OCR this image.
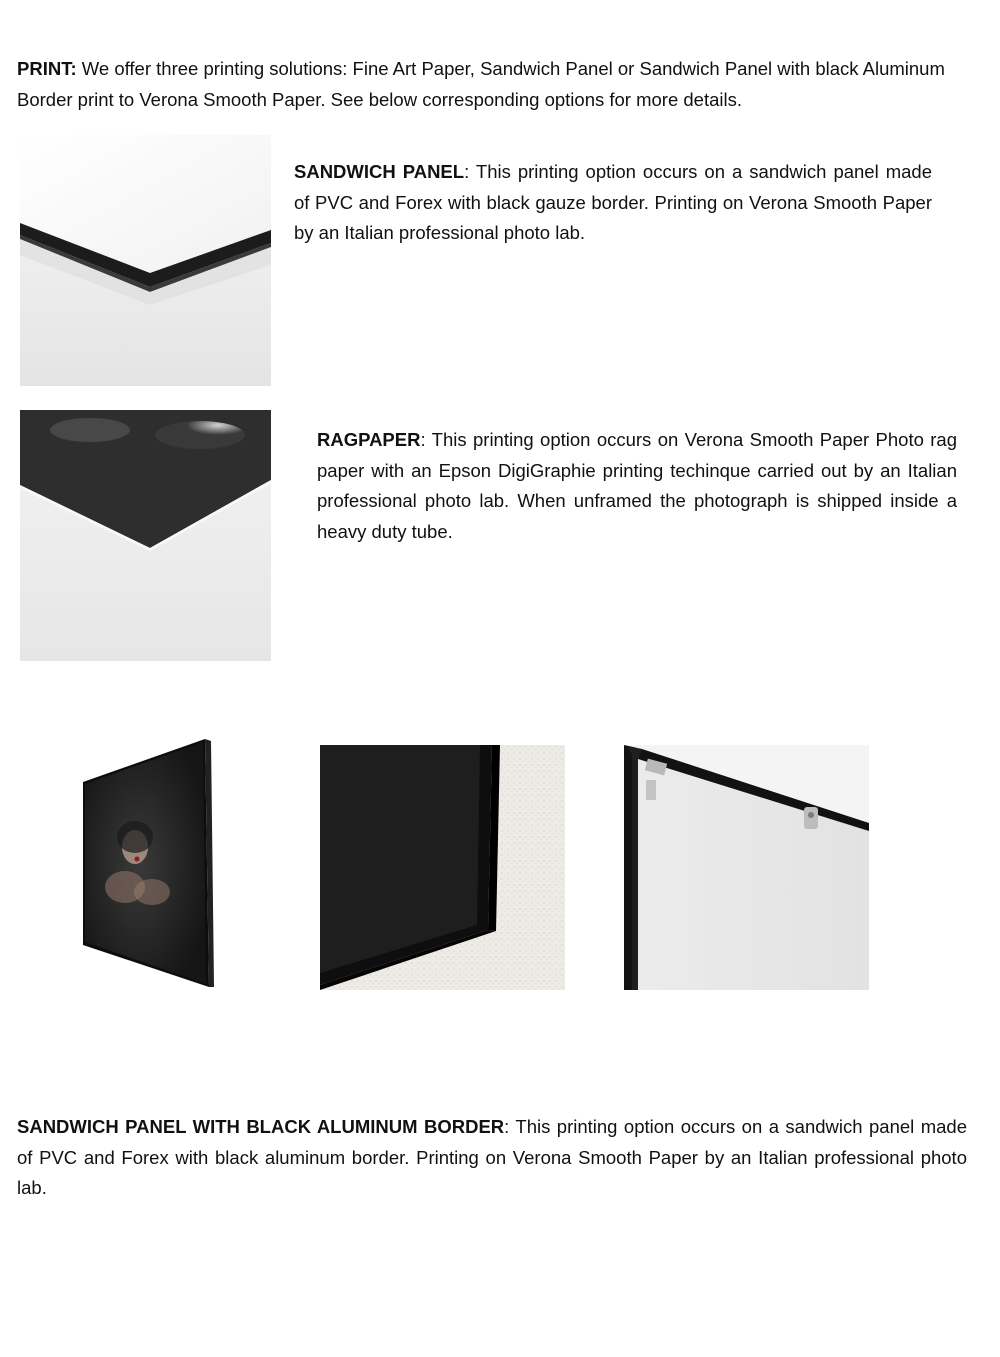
PRINT: We offer three printing solutions: Fine Art Paper, Sandwich Panel or Sandwich Panel with black Aluminum Border print to Verona Smooth Paper. See below corresponding options for more details.

SANDWICH PANEL: This printing option occurs on a sandwich panel made of PVC and Forex with black gauze border. Printing on Verona Smooth Paper by an Italian professional photo lab.

RAGPAPER: This printing option occurs on Verona Smooth Paper Photo rag paper with an Epson DigiGraphie printing techinque carried out by an Italian professional photo lab. When unframed the photograph is shipped inside a heavy duty tube.

SANDWICH PANEL WITH BLACK ALUMINUM BORDER: This printing option occurs on a sandwich panel made of PVC and Forex with black aluminum border. Printing on Verona Smooth Paper by an Italian professional photo lab.
